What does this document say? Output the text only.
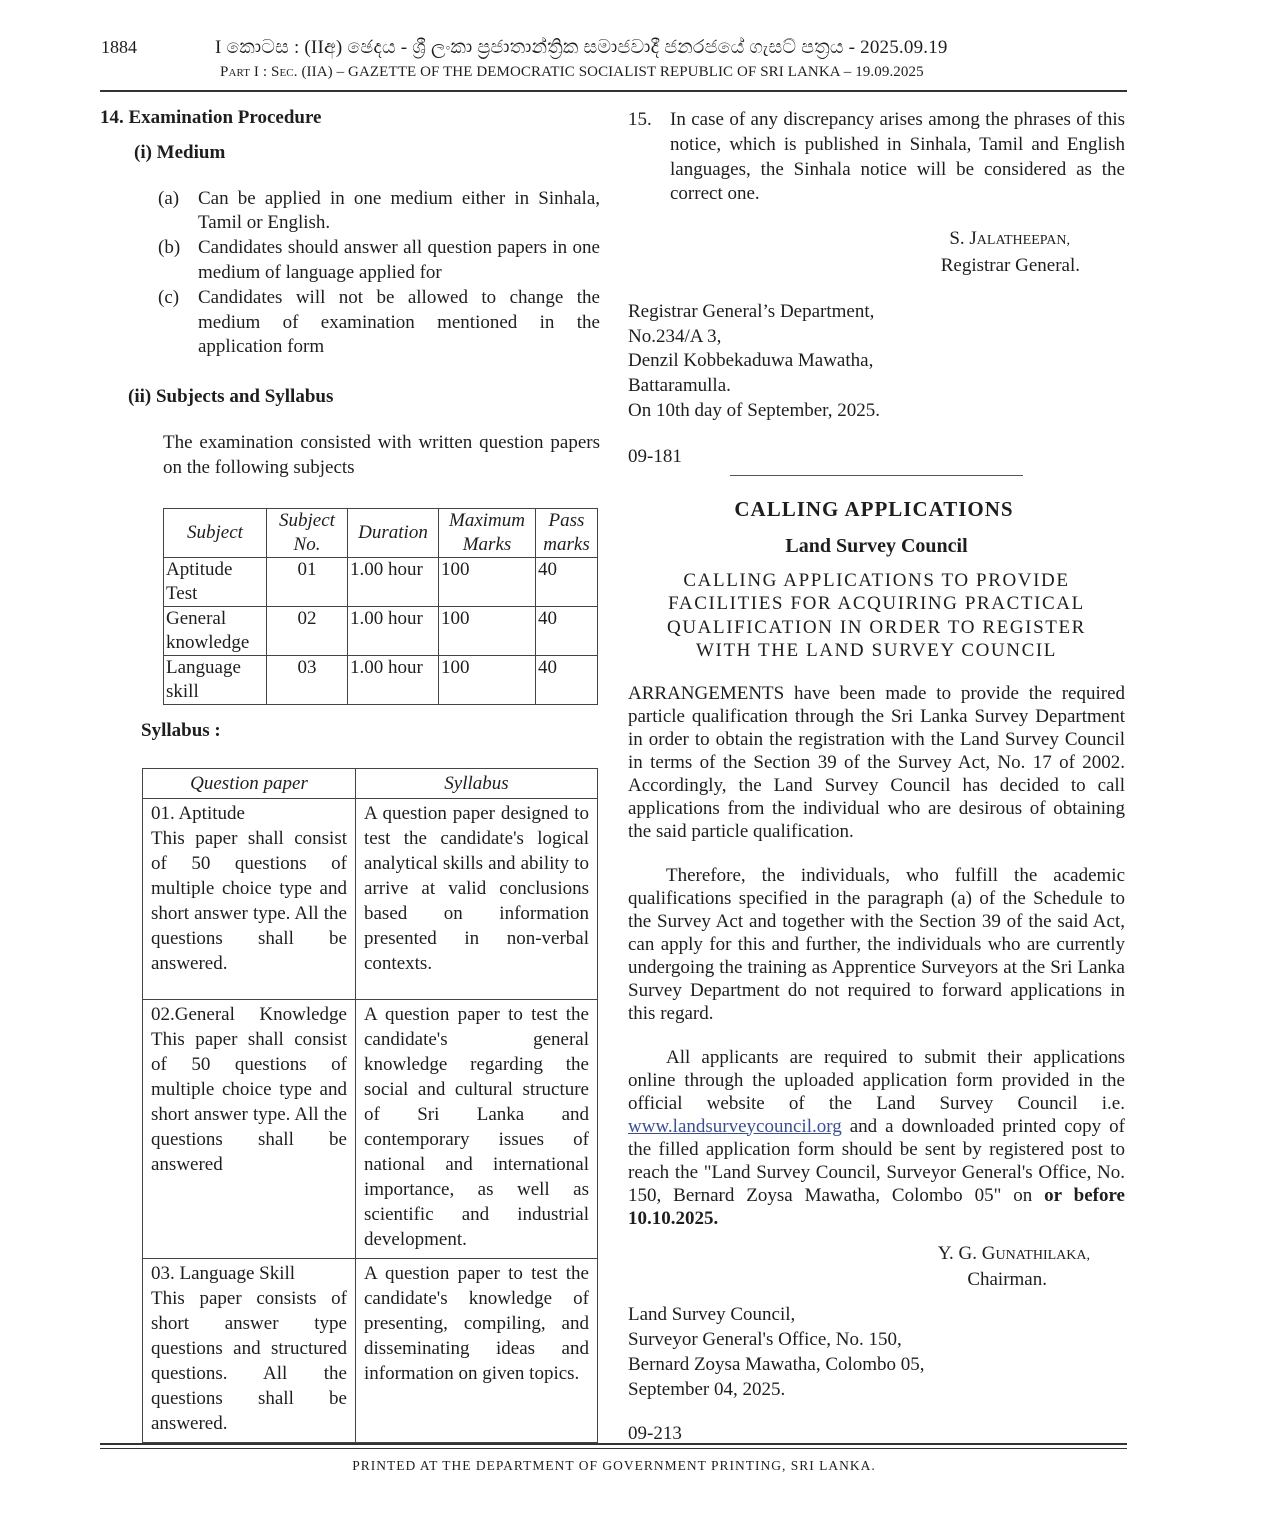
1884	I කොටස : (IIඅ) ඡෙදය - ශ්‍රී ලංකා ප්‍රජාතාන්ත්‍රික සමාජවාදී ජනරජයේ ගැසට් පත්‍රය - 2025.09.19
Part I : Sec. (IIA) – GAZETTE OF THE DEMOCRATIC SOCIALIST REPUBLIC OF SRI LANKA – 19.09.2025
14. Examination Procedure
(i) Medium
(a) Can be applied in one medium either in Sinhala, Tamil or English.
(b) Candidates should answer all question papers in one medium of language applied for
(c) Candidates will not be allowed to change the medium of examination mentioned in the application form
(ii) Subjects and Syllabus
The examination consisted with written question papers on the following subjects
Subject	Subject No.	Duration	Maximum Marks	Pass marks
Aptitude Test	01	1.00 hour	100	40
General knowledge	02	1.00 hour	100	40
Language skill	03	1.00 hour	100	40
Syllabus :
Question paper	Syllabus

01. Aptitude
This paper shall consist of 50 questions of multiple choice type and short answer type. All the questions shall be answered.	A question paper designed to test the candidate's logical analytical skills and ability to arrive at valid conclusions based on information presented in non-verbal contexts.

02.General Knowledge
This paper shall consist of 50 questions of multiple choice type and short answer type. All the questions shall be answered	A question paper to test the candidate's general knowledge regarding the social and cultural structure of Sri Lanka and contemporary issues of national and international importance, as well as scientific and industrial development.

03. Language Skill
This paper consists of short answer type questions and structured questions. All the questions shall be answered.	A question paper to test the candidate's knowledge of presenting, compiling, and disseminating ideas and information on given topics.
15. In case of any discrepancy arises among the phrases of this notice, which is published in Sinhala, Tamil and English languages, the Sinhala notice will be considered as the correct one.
S. JALATHEEPAN,
Registrar General.
Registrar General’s Department,
No.234/A 3,
Denzil Kobbekaduwa Mawatha,
Battaramulla.
On 10th day of September, 2025.
09-181
CALLING APPLICATIONS
Land Survey Council
CALLING APPLICATIONS TO PROVIDE FACILITIES FOR ACQUIRING PRACTICAL QUALIFICATION IN ORDER TO REGISTER WITH THE LAND SURVEY COUNCIL

ARRANGEMENTS have been made to provide the required particle qualification through the Sri Lanka Survey Department in order to obtain the registration with the Land Survey Council in terms of the Section 39 of the Survey Act, No. 17 of 2002. Accordingly, the Land Survey Council has decided to call applications from the individual who are desirous of obtaining the said particle qualification.

Therefore, the individuals, who fulfill the academic qualifications specified in the paragraph (a) of the Schedule to the Survey Act and together with the Section 39 of the said Act, can apply for this and further, the individuals who are currently undergoing the training as Apprentice Surveyors at the Sri Lanka Survey Department do not required to forward applications in this regard.

All applicants are required to submit their applications online through the uploaded application form provided in the official website of the Land Survey Council i.e. www.landsurveycouncil.org and a downloaded printed copy of the filled application form should be sent by registered post to reach the "Land Survey Council, Surveyor General's Office, No. 150, Bernard Zoysa Mawatha, Colombo 05" on or before 10.10.2025.

Y. G. GUNATHILAKA,
Chairman.
Land Survey Council,
Surveyor General's Office, No. 150,
Bernard Zoysa Mawatha, Colombo 05,
September 04, 2025.
09-213
PRINTED AT THE DEPARTMENT OF GOVERNMENT PRINTING, SRI LANKA.
